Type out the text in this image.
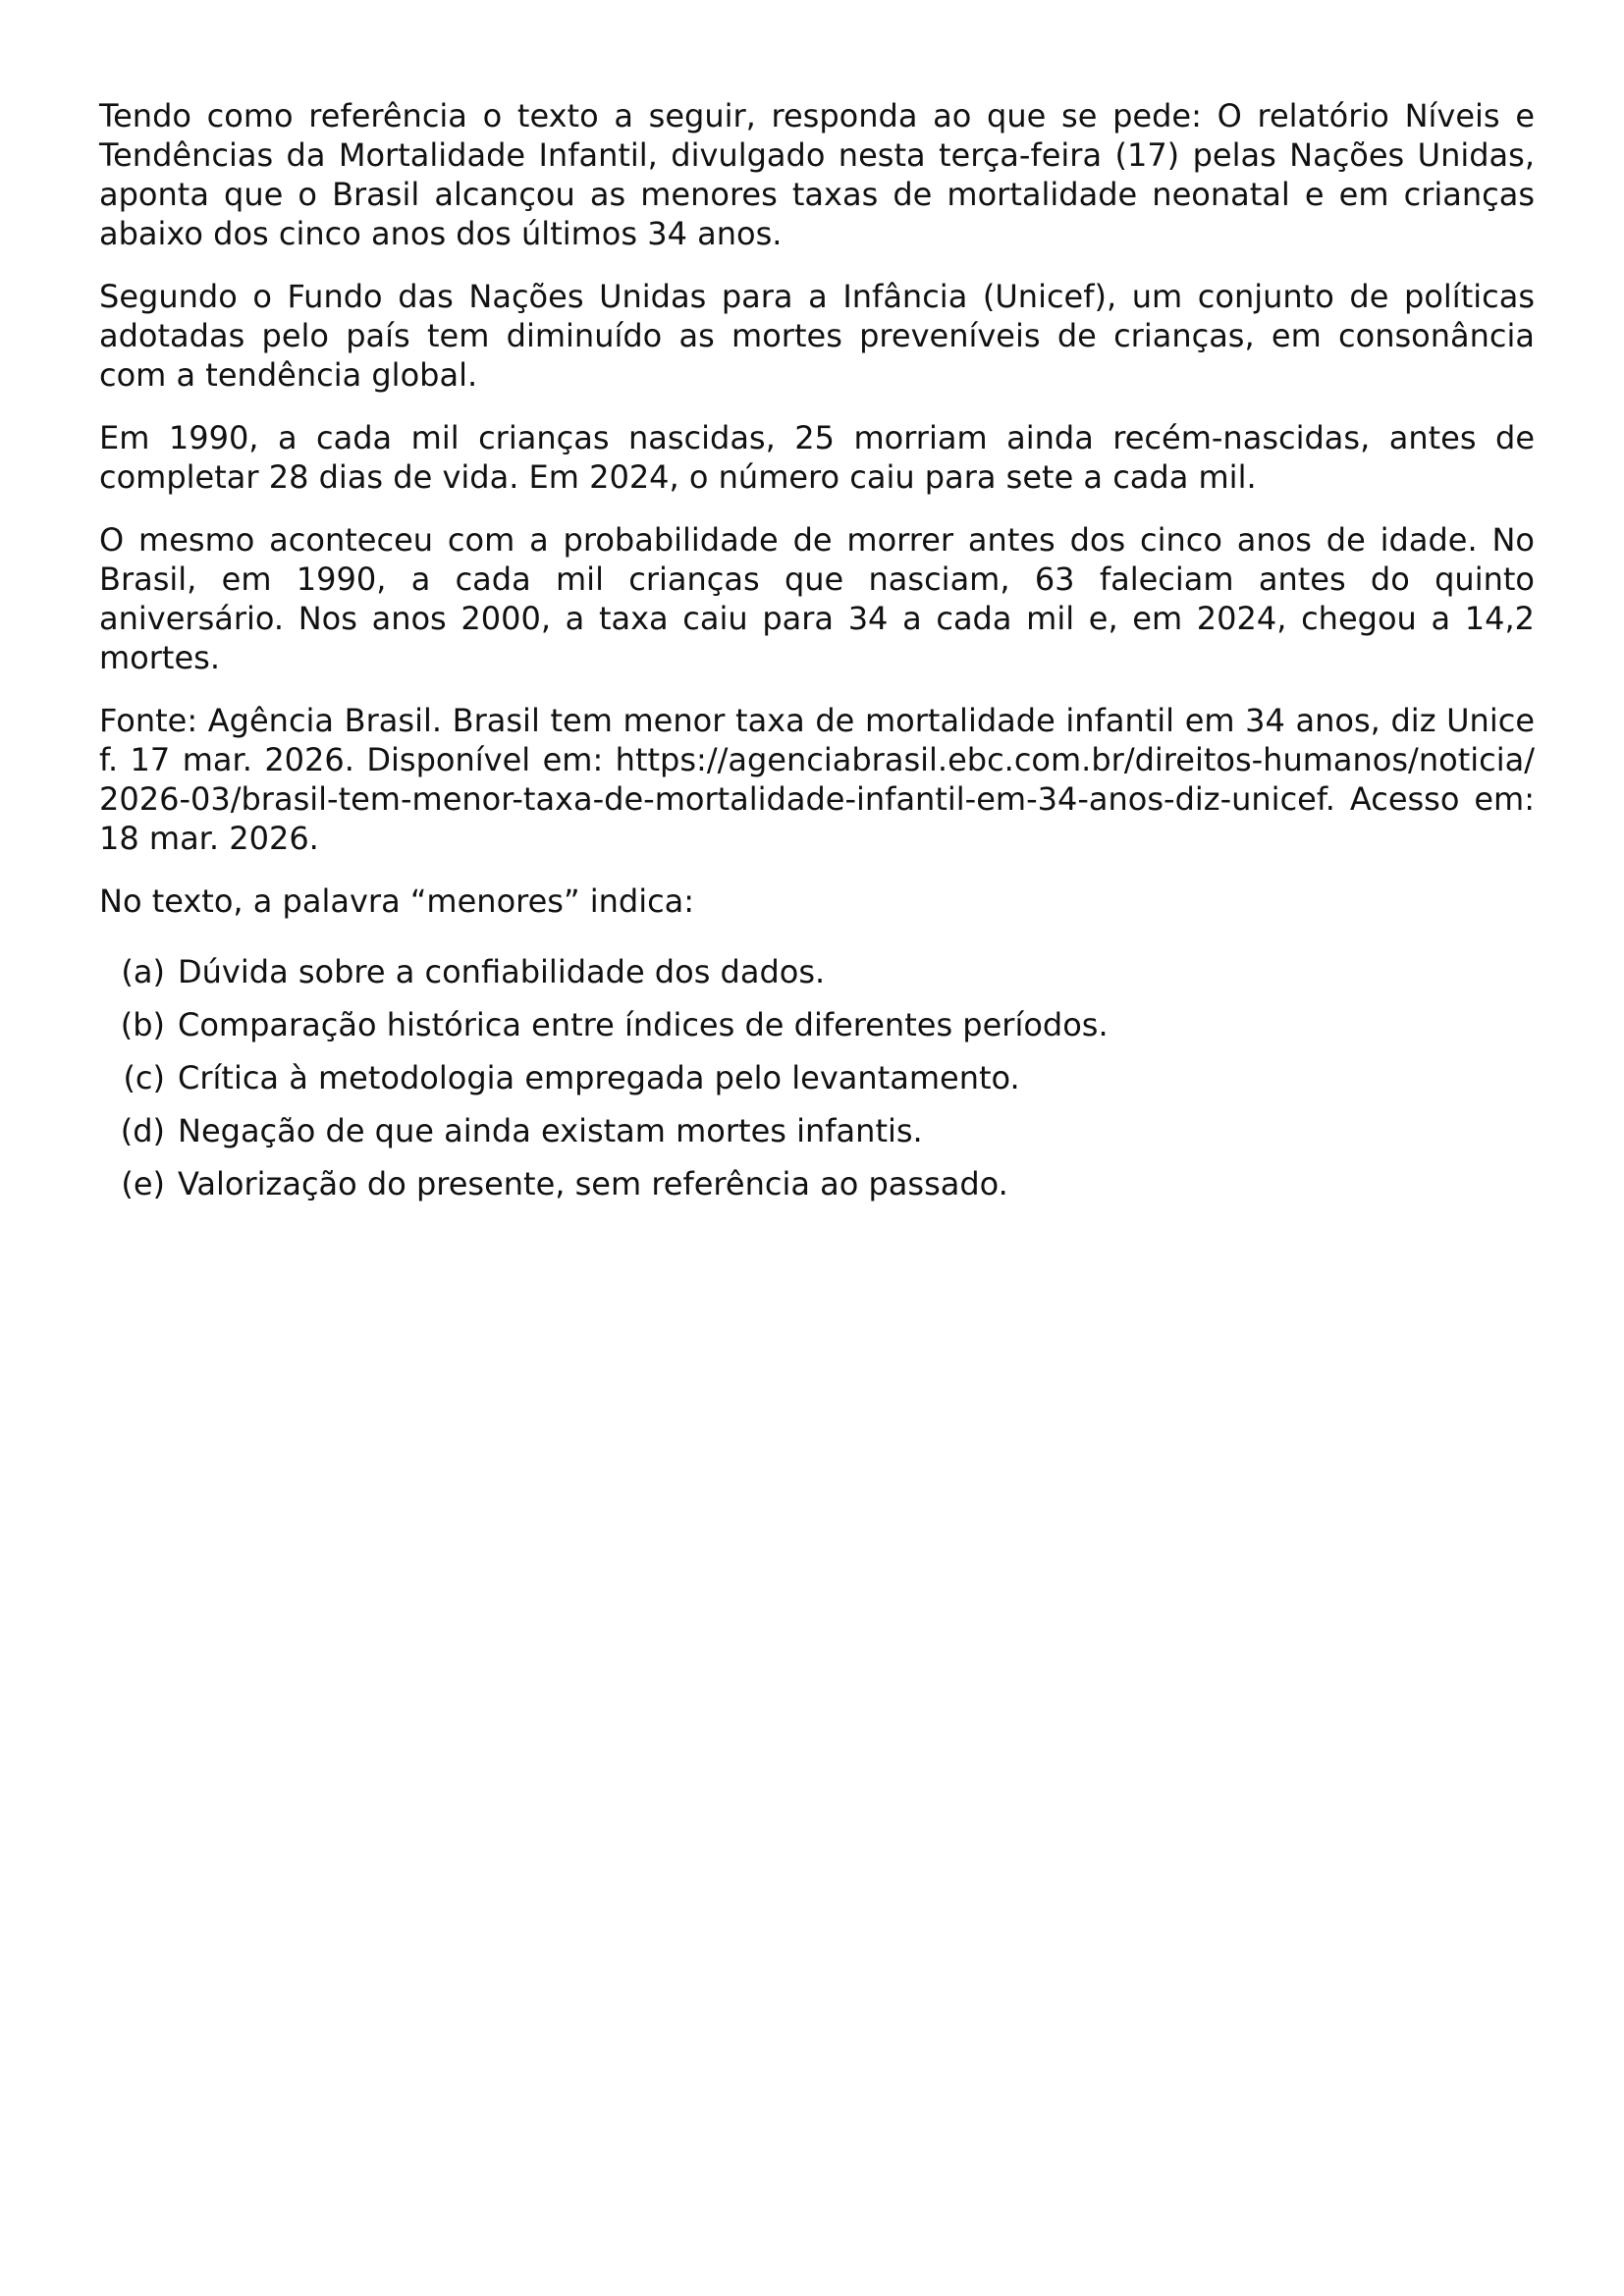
Tendo como referência o texto a seguir, responda ao que se pede: O relatório Níveis e Tendências da Mortalidade Infantil, divulgado nesta terça-feira (17) pelas Nações Unidas, aponta que o Brasil alcançou as menores taxas de mortalidade neonatal e em crianças abaixo dos cinco anos dos últimos 34 anos.

Segundo o Fundo das Nações Unidas para a Infância (Unicef), um conjunto de políticas adotadas pelo país tem diminuído as mortes preveníveis de crianças, em consonância com a tendência global.

Em 1990, a cada mil crianças nascidas, 25 morriam ainda recém-nascidas, antes de completar 28 dias de vida. Em 2024, o número caiu para sete a cada mil.

O mesmo aconteceu com a probabilidade de morrer antes dos cinco anos de idade. No Brasil, em 1990, a cada mil crianças que nasciam, 63 faleciam antes do quinto aniversário. Nos anos 2000, a taxa caiu para 34 a cada mil e, em 2024, chegou a 14,2 mortes.

Fonte: Agência Brasil. Brasil tem menor taxa de mortalidade infantil em 34 anos, diz Unicef. 17 mar. 2026. Disponível em: https://agenciabrasil.ebc.com.br/direitos-humanos/noticia/2026-03/brasil-tem-menor-taxa-de-mortalidade-infantil-em-34-anos-diz-unicef. Acesso em: 18 mar. 2026.

No texto, a palavra “menores” indica:

(a) Dúvida sobre a confiabilidade dos dados.
(b) Comparação histórica entre índices de diferentes períodos.
(c) Crítica à metodologia empregada pelo levantamento.
(d) Negação de que ainda existam mortes infantis.
(e) Valorização do presente, sem referência ao passado.
